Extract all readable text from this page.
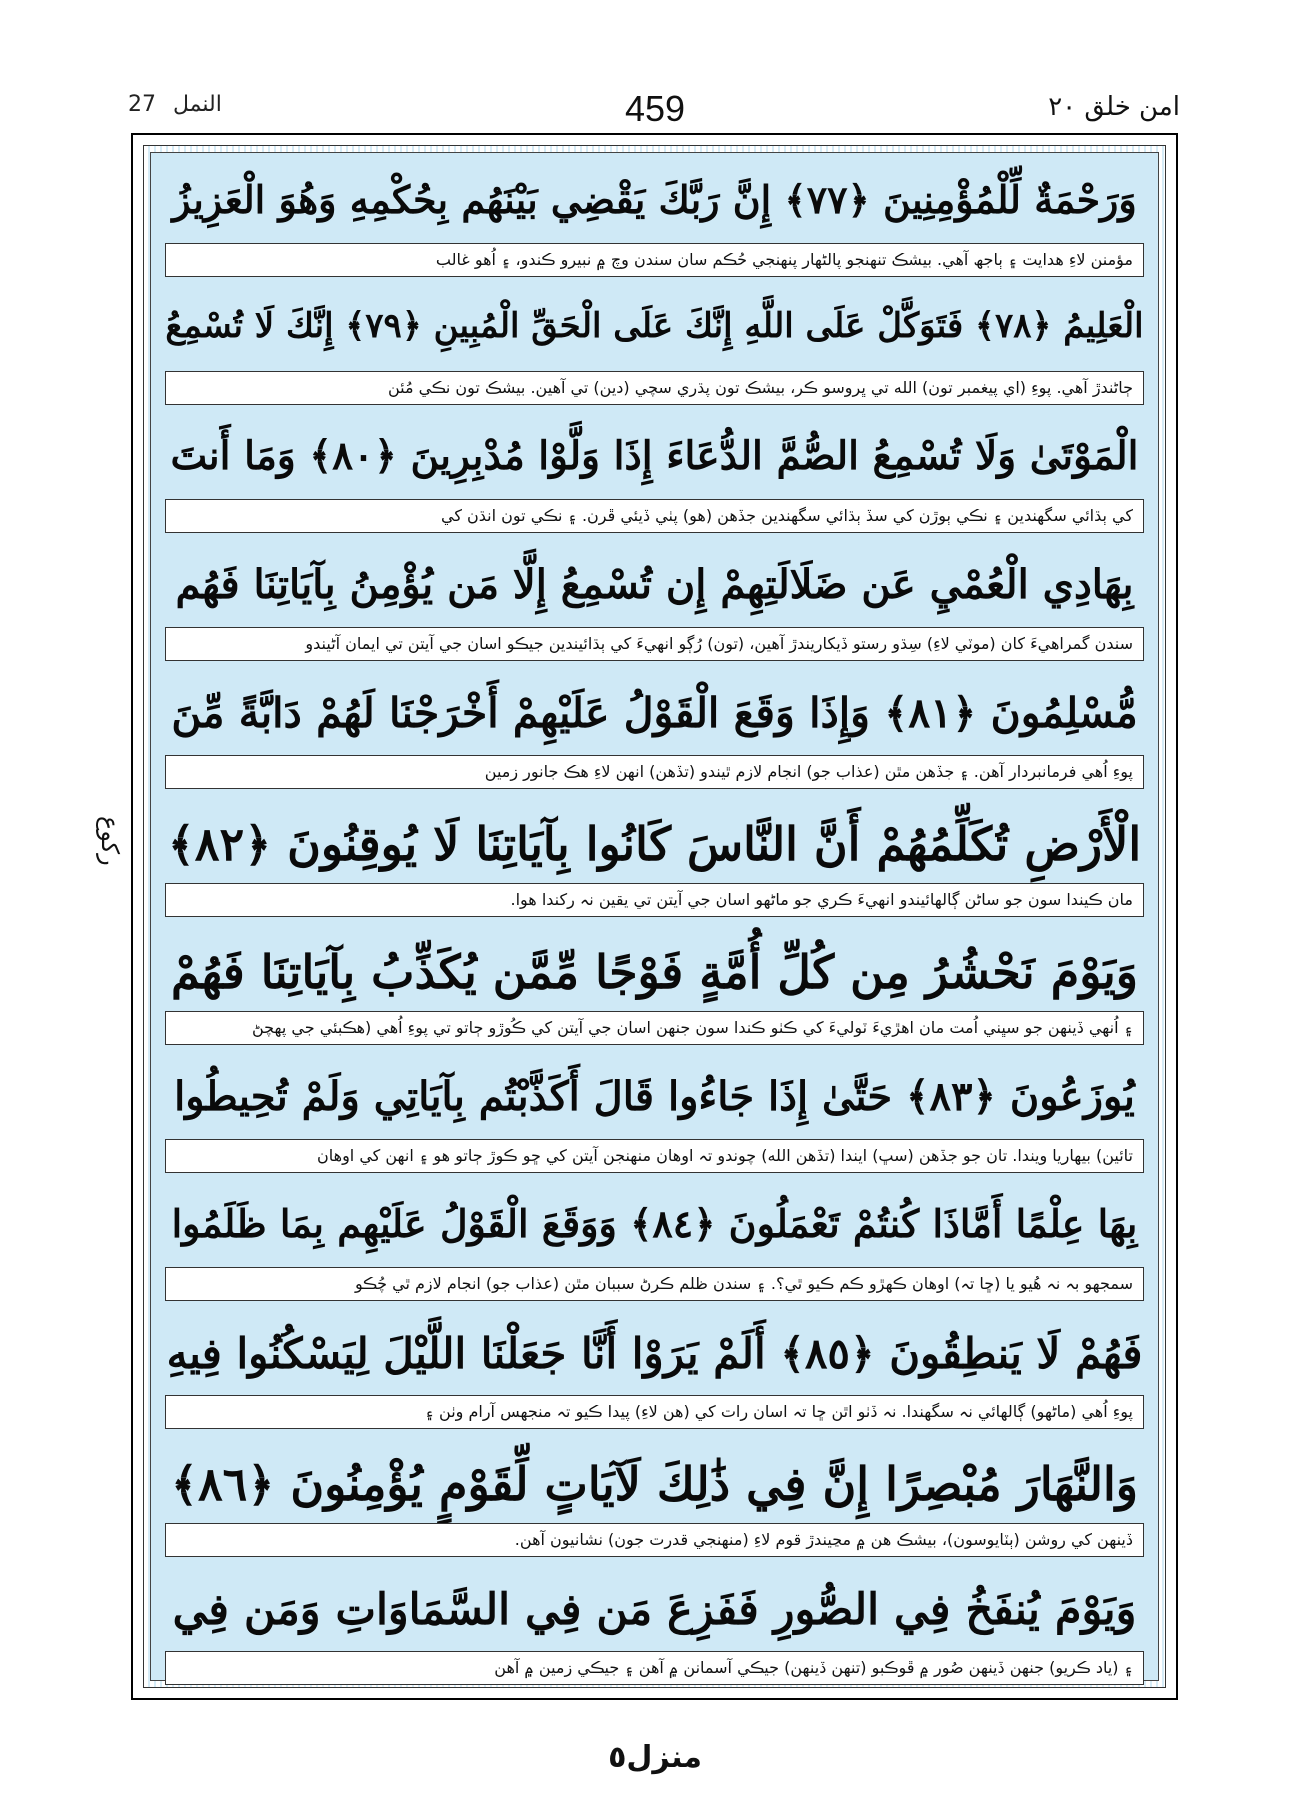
النمل 27	459	امن خلق ٢٠
ركوع
وَرَحْمَةٌ لِّلْمُؤْمِنِينَ ﴿٧٧﴾ إِنَّ رَبَّكَ يَقْضِي بَيْنَهُم بِحُكْمِهِ وَهُوَ الْعَزِيزُ
مؤمنن لاءِ هدايت ۽ ٻاجھ آھي. بيشڪ تنھنجو پالڻھار پنھنجي حُڪم سان سندن وچ ۾ نبيرو ڪندو، ۽ اُھو غالب
الْعَلِيمُ ﴿٧٨﴾ فَتَوَكَّلْ عَلَى اللَّهِ إِنَّكَ عَلَى الْحَقِّ الْمُبِينِ ﴿٧٩﴾ إِنَّكَ لَا تُسْمِعُ
ڄاڻندڙ آھي. پوءِ (اي پيغمبر تون) الله تي ڀروسو ڪر، بيشڪ تون پڌري سچي (دين) تي آھين. بيشڪ تون نڪي مُئن
الْمَوْتَىٰ وَلَا تُسْمِعُ الصُّمَّ الدُّعَاءَ إِذَا وَلَّوْا مُدْبِرِينَ ﴿٨٠﴾ وَمَا أَنتَ
کي ٻڌائي سگھندين ۽ نڪي ٻوڙن کي سڏ ٻڌائي سگھندين جڏھن (ھو) پٺي ڏيئي ڦرن. ۽ نڪي تون انڌن کي
بِهَادِي الْعُمْيِ عَن ضَلَالَتِهِمْ إِن تُسْمِعُ إِلَّا مَن يُؤْمِنُ بِآيَاتِنَا فَهُم
سندن گمراھيءَ کان (موٽي لاءِ) سِڌو رستو ڏيکاريندڙ آھين، (تون) رُڳو انھيءَ کي ٻڌائيندين جيڪو اسان جي آيتن تي ايمان آڻيندو
مُّسْلِمُونَ ﴿٨١﴾ وَإِذَا وَقَعَ الْقَوْلُ عَلَيْهِمْ أَخْرَجْنَا لَهُمْ دَابَّةً مِّنَ
پوءِ اُھي فرمانبردار آھن. ۽ جڏھن مٿن (عذاب جو) انجام لازم ٿيندو (تڏھن) انھن لاءِ ھڪ جانور زمين
الْأَرْضِ تُكَلِّمُهُمْ أَنَّ النَّاسَ كَانُوا بِآيَاتِنَا لَا يُوقِنُونَ ﴿٨٢﴾
مان ڪيندا سون جو ساڻن ڳالھائيندو انھيءَ ڪري جو ماڻھو اسان جي آيتن تي يقين نہ رکندا ھوا.
وَيَوْمَ نَحْشُرُ مِن كُلِّ أُمَّةٍ فَوْجًا مِّمَّن يُكَذِّبُ بِآيَاتِنَا فَهُمْ
۽ اُنھي ڏينھن جو سڀني اُمت مان اھڙيءَ ٽوليءَ کي ڪٺو ڪندا سون جنھن اسان جي آيتن کي ڪُوڙو ڄاتو تي پوءِ اُھي (ھڪبئي جي پھچڻ
يُوزَعُونَ ﴿٨٣﴾ حَتَّىٰ إِذَا جَاءُوا قَالَ أَكَذَّبْتُم بِآيَاتِي وَلَمْ تُحِيطُوا
تائين) بيھاريا ويندا. تان جو جڏھن (سڀ) ايندا (تڏھن الله) چوندو تہ اوھان منھنجن آيتن کي ڇو ڪوڙ ڄاتو ھو ۽ انھن کي اوھان
بِهَا عِلْمًا أَمَّاذَا كُنتُمْ تَعْمَلُونَ ﴿٨٤﴾ وَوَقَعَ الْقَوْلُ عَلَيْهِم بِمَا ظَلَمُوا
سمجھو بہ نہ ھُيو يا (ڇا تہ) اوھان ڪھڙو ڪم ڪيو ٿي؟. ۽ سندن ظلم ڪرڻ سببان مٿن (عذاب جو) انجام لازم ٿي چُڪو
فَهُمْ لَا يَنطِقُونَ ﴿٨٥﴾ أَلَمْ يَرَوْا أَنَّا جَعَلْنَا اللَّيْلَ لِيَسْكُنُوا فِيهِ
پوءِ اُھي (ماڻھو) ڳالھائي نہ سگھندا. نہ ڏٺو اٿن ڇا تہ اسان رات کي (ھن لاءِ) پيدا ڪيو تہ منجھس آرام وٺن ۽
وَالنَّهَارَ مُبْصِرًا إِنَّ فِي ذَٰلِكَ لَآيَاتٍ لِّقَوْمٍ يُؤْمِنُونَ ﴿٨٦﴾
ڏينھن کي روشن (ٻٽايوسون)، بيشڪ ھن ۾ مڃيندڙ قوم لاءِ (منھنجي قدرت جون) نشانيون آھن.
وَيَوْمَ يُنفَخُ فِي الصُّورِ فَفَزِعَ مَن فِي السَّمَاوَاتِ وَمَن فِي
۽ (ياد ڪريو) جنھن ڏينھن صُور ۾ ڦوڪبو (تنھن ڏينھن) جيڪي آسمانن ۾ آھن ۽ جيڪي زمين ۾ آھن
منزل٥
